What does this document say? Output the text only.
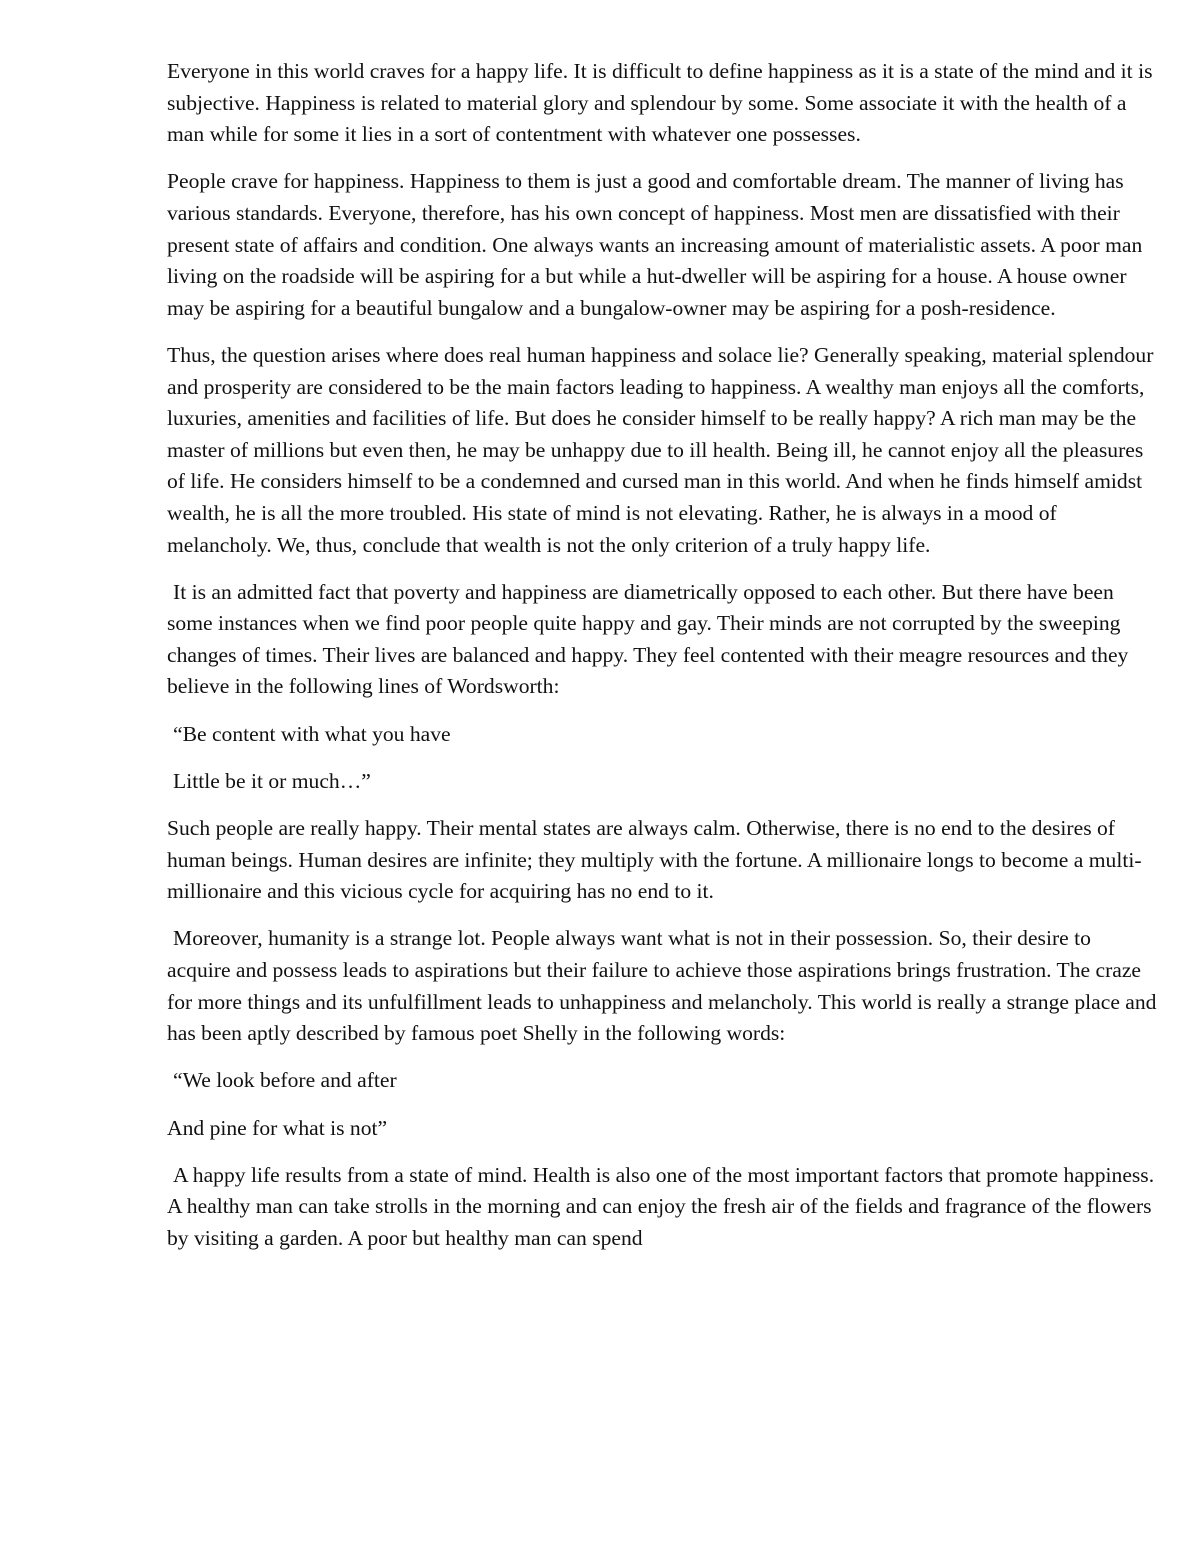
Everyone in this world craves for a happy life. It is difficult to define happiness as it is a state of the mind and it is subjective. Happiness is related to material glory and splendour by some. Some associate it with the health of a man while for some it lies in a sort of contentment with whatever one possesses.

People crave for happiness. Happiness to them is just a good and comfortable dream. The manner of living has various standards. Everyone, therefore, has his own concept of happiness. Most men are dissatisfied with their present state of affairs and condition. One always wants an increasing amount of materialistic assets. A poor man living on the roadside will be aspiring for a but while a hut-dweller will be aspiring for a house. A house owner may be aspiring for a beautiful bungalow and a bungalow-owner may be aspiring for a posh-residence.

Thus, the question arises where does real human happiness and solace lie? Generally speaking, material splendour and prosperity are considered to be the main factors leading to happiness. A wealthy man enjoys all the comforts, luxuries, amenities and facilities of life. But does he consider himself to be really happy? A rich man may be the master of millions but even then, he may be unhappy due to ill health. Being ill, he cannot enjoy all the pleasures of life. He considers himself to be a condemned and cursed man in this world. And when he finds himself amidst wealth, he is all the more troubled. His state of mind is not elevating. Rather, he is always in a mood of melancholy. We, thus, conclude that wealth is not the only criterion of a truly happy life.

It is an admitted fact that poverty and happiness are diametrically opposed to each other. But there have been some instances when we find poor people quite happy and gay. Their minds are not corrupted by the sweeping changes of times. Their lives are balanced and happy. They feel contented with their meagre resources and they believe in the following lines of Wordsworth:

“Be content with what you have

Little be it or much…”

Such people are really happy. Their mental states are always calm. Otherwise, there is no end to the desires of human beings. Human desires are infinite; they multiply with the fortune. A millionaire longs to become a multi-millionaire and this vicious cycle for acquiring has no end to it.

Moreover, humanity is a strange lot. People always want what is not in their possession. So, their desire to acquire and possess leads to aspirations but their failure to achieve those aspirations brings frustration. The craze for more things and its unfulfillment leads to unhappiness and melancholy. This world is really a strange place and has been aptly described by famous poet Shelly in the following words:

“We look before and after

And pine for what is not”

A happy life results from a state of mind. Health is also one of the most important factors that promote happiness. A healthy man can take strolls in the morning and can enjoy the fresh air of the fields and fragrance of the flowers by visiting a garden. A poor but healthy man can spend
